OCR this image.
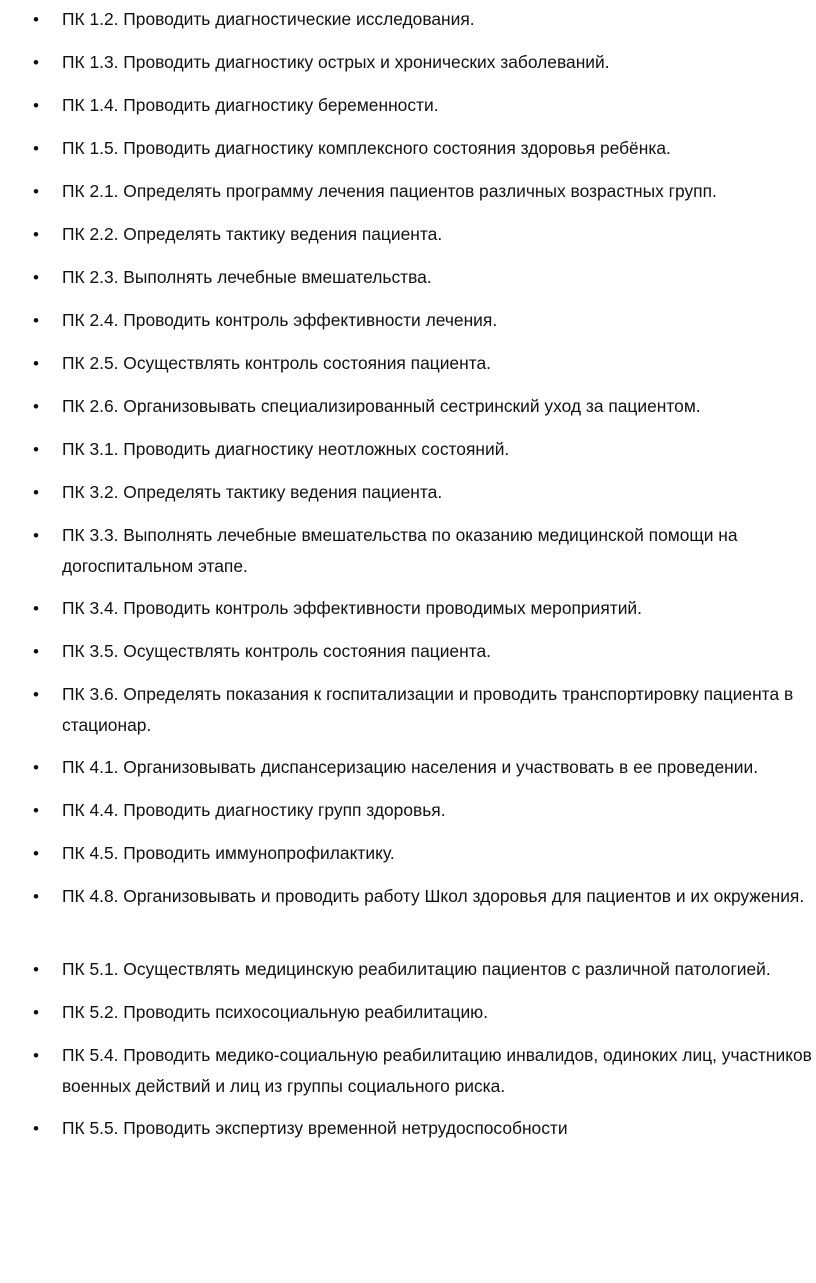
• ПК 1.2. Проводить диагностические исследования.
• ПК 1.3. Проводить диагностику острых и хронических заболеваний.
• ПК 1.4. Проводить диагностику беременности.
• ПК 1.5. Проводить диагностику комплексного состояния здоровья ребёнка.
• ПК 2.1. Определять программу лечения пациентов различных возрастных групп.
• ПК 2.2. Определять тактику ведения пациента.
• ПК 2.3. Выполнять лечебные вмешательства.
• ПК 2.4. Проводить контроль эффективности лечения.
• ПК 2.5. Осуществлять контроль состояния пациента.
• ПК 2.6. Организовывать специализированный сестринский уход за пациентом.
• ПК 3.1. Проводить диагностику неотложных состояний.
• ПК 3.2. Определять тактику ведения пациента.
• ПК 3.3. Выполнять лечебные вмешательства по оказанию медицинской помощи на догоспитальном этапе.
• ПК 3.4. Проводить контроль эффективности проводимых мероприятий.
• ПК 3.5. Осуществлять контроль состояния пациента.
• ПК 3.6. Определять показания к госпитализации и проводить транспортировку пациента в стационар.
• ПК 4.1. Организовывать диспансеризацию населения и участвовать в ее проведении.
• ПК 4.4. Проводить диагностику групп здоровья.
• ПК 4.5. Проводить иммунопрофилактику.
• ПК 4.8. Организовывать и проводить работу Школ здоровья для пациентов и их окружения.
• ПК 5.1. Осуществлять медицинскую реабилитацию пациентов с различной патологией.
• ПК 5.2. Проводить психосоциальную реабилитацию.
• ПК 5.4. Проводить медико-социальную реабилитацию инвалидов, одиноких лиц, участников военных действий и лиц из группы социального риска.
• ПК 5.5. Проводить экспертизу временной нетрудоспособности
